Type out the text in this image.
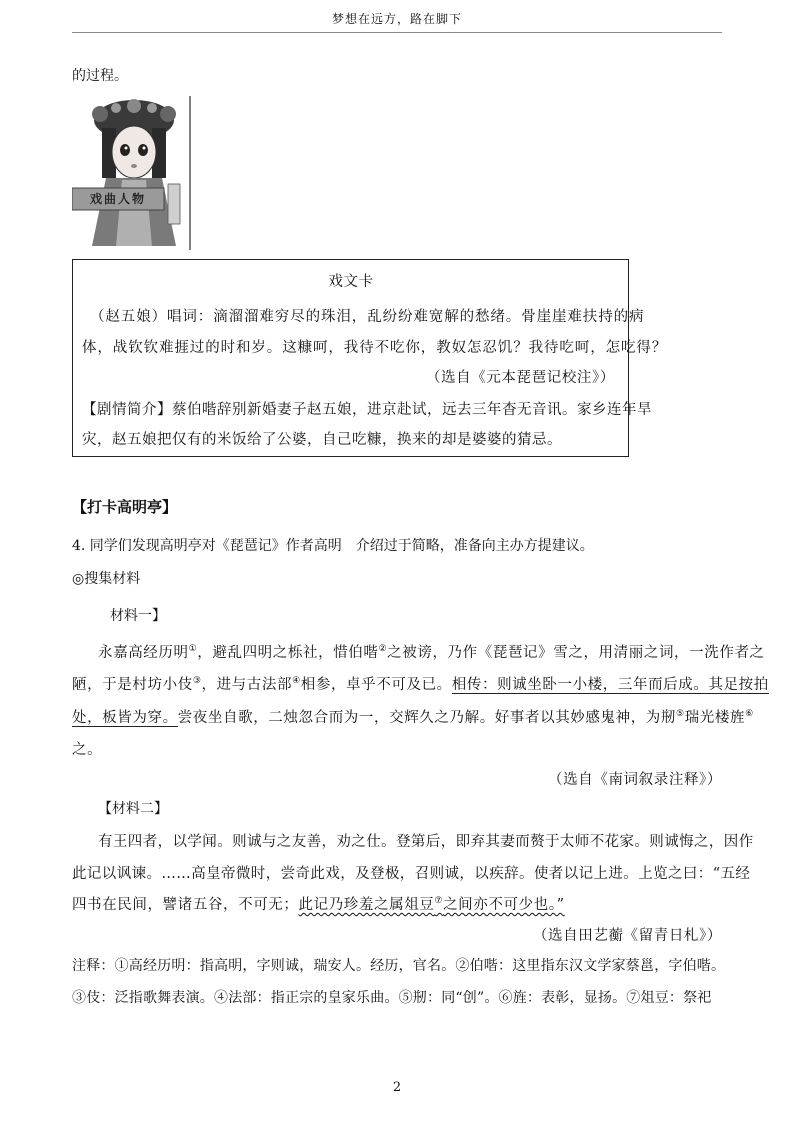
梦想在远方，路在脚下
的过程。
戏曲人物
戏文卡
（赵五娘）唱词：滴溜溜难穷尽的珠泪，乱纷纷难宽解的愁绪。骨崖崖难扶持的病
体，战钦钦难捱过的时和岁。这糠呵，我待不吃你，教奴怎忍饥？我待吃呵，怎吃得？
（选自《元本琵琶记校注》）
【剧情简介】蔡伯喈辞别新婚妻子赵五娘，进京赴试，远去三年杳无音讯。家乡连年旱
灾，赵五娘把仅有的米饭给了公婆，自己吃糠，换来的却是婆婆的猜忌。
【打卡高明亭】
4. 同学们发现高明亭对《琵琶记》作者高明　介绍过于简略，准备向主办方提建议。
◎搜集材料
材料一】
永嘉高经历明①，避乱四明之栎社，惜伯喈②之被谤，乃作《琵琶记》雪之，用清丽之词，一洗作者之
陋，于是村坊小伎③，进与古法部④相参，卓乎不可及已。相传：则诚坐卧一小楼，三年而后成。其足按拍
处，板皆为穿。尝夜坐自歌，二烛忽合而为一，交辉久之乃解。好事者以其妙感鬼神，为剏⑤瑞光楼旌⑥
之。
（选自《南词叙录注释》）
【材料二】
有王四者，以学闻。则诚与之友善，劝之仕。登第后，即弃其妻而赘于太师不花家。则诚悔之，因作
此记以讽谏。……高皇帝微时，尝奇此戏，及登极，召则诚，以疾辞。使者以记上进。上览之曰：“五经
四书在民间，譬诸五谷，不可无；此记乃珍羞之属俎豆⑦之间亦不可少也。”
（选自田艺蘅《留青日札》）
注释：①高经历明：指高明，字则诚，瑞安人。经历，官名。②伯喈：这里指东汉文学家蔡邕，字伯喈。
③伎：泛指歌舞表演。④法部：指正宗的皇家乐曲。⑤剏：同“创”。⑥旌：表彰，显扬。⑦俎豆：祭祀
2
